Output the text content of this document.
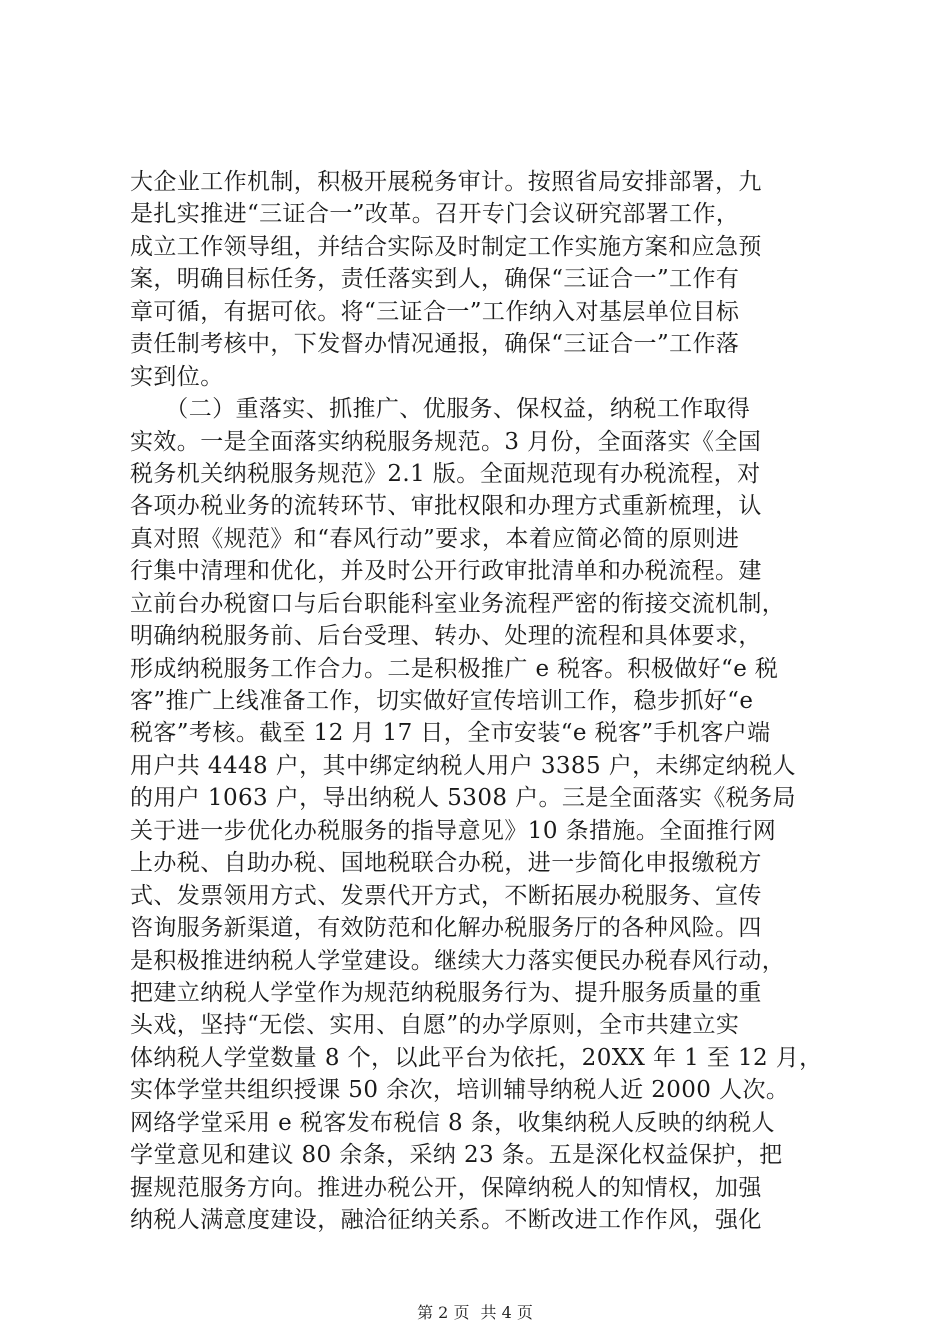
大企业工作机制，积极开展税务审计。按照省局安排部署，九
是扎实推进“三证合一”改革。召开专门会议研究部署工作，
成立工作领导组，并结合实际及时制定工作实施方案和应急预
案，明确目标任务，责任落实到人，确保“三证合一”工作有
章可循，有据可依。将“三证合一”工作纳入对基层单位目标
责任制考核中，下发督办情况通报，确保“三证合一”工作落
实到位。
　　（二）重落实、抓推广、优服务、保权益，纳税工作取得
实效。一是全面落实纳税服务规范。3 月份，全面落实《全国
税务机关纳税服务规范》2.1 版。全面规范现有办税流程，对
各项办税业务的流转环节、审批权限和办理方式重新梳理，认
真对照《规范》和“春风行动”要求，本着应简必简的原则进
行集中清理和优化，并及时公开行政审批清单和办税流程。建
立前台办税窗口与后台职能科室业务流程严密的衔接交流机制，
明确纳税服务前、后台受理、转办、处理的流程和具体要求，
形成纳税服务工作合力。二是积极推广 e 税客。积极做好“e 税
客”推广上线准备工作，切实做好宣传培训工作，稳步抓好“e
税客”考核。截至 12 月 17 日，全市安装“e 税客”手机客户端
用户共 4448 户，其中绑定纳税人用户 3385 户，未绑定纳税人
的用户 1063 户，导出纳税人 5308 户。三是全面落实《税务局
关于进一步优化办税服务的指导意见》10 条措施。全面推行网
上办税、自助办税、国地税联合办税，进一步简化申报缴税方
式、发票领用方式、发票代开方式，不断拓展办税服务、宣传
咨询服务新渠道，有效防范和化解办税服务厅的各种风险。四
是积极推进纳税人学堂建设。继续大力落实便民办税春风行动，
把建立纳税人学堂作为规范纳税服务行为、提升服务质量的重
头戏，坚持“无偿、实用、自愿”的办学原则，全市共建立实
体纳税人学堂数量 8 个，以此平台为依托，20XX 年 1 至 12 月，
实体学堂共组织授课 50 余次，培训辅导纳税人近 2000 人次。
网络学堂采用 e 税客发布税信 8 条，收集纳税人反映的纳税人
学堂意见和建议 80 余条，采纳 23 条。五是深化权益保护，把
握规范服务方向。推进办税公开，保障纳税人的知情权，加强
纳税人满意度建设，融洽征纳关系。不断改进工作作风，强化
第 2 页 共 4 页
